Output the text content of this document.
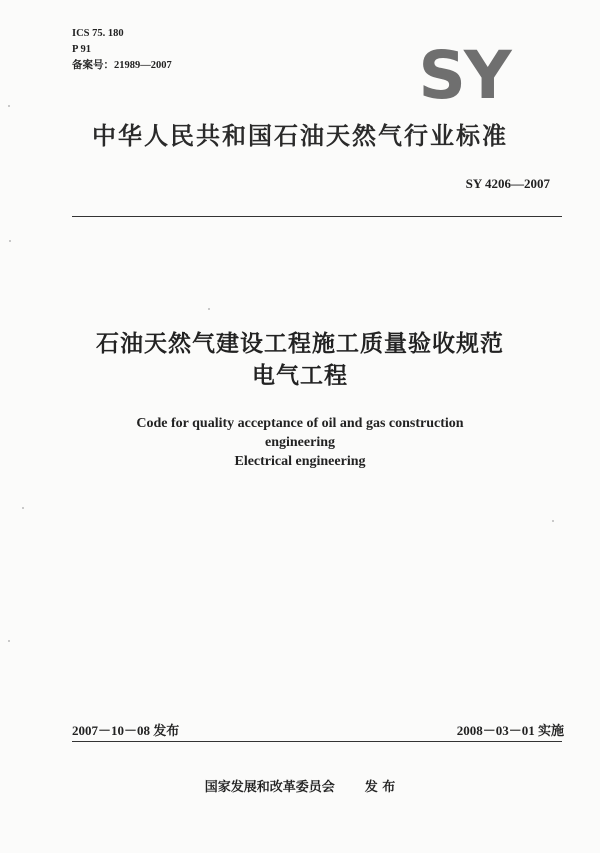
ICS 75. 180
P 91
备案号：21989—2007	SY
中华人民共和国石油天然气行业标准
SY 4206—2007
石油天然气建设工程施工质量验收规范
电气工程
Code for quality acceptance of oil and gas construction
engineering
Electrical engineering
2007－10－08 发布	2008－03－01 实施
国家发展和改革委员会 发 布
